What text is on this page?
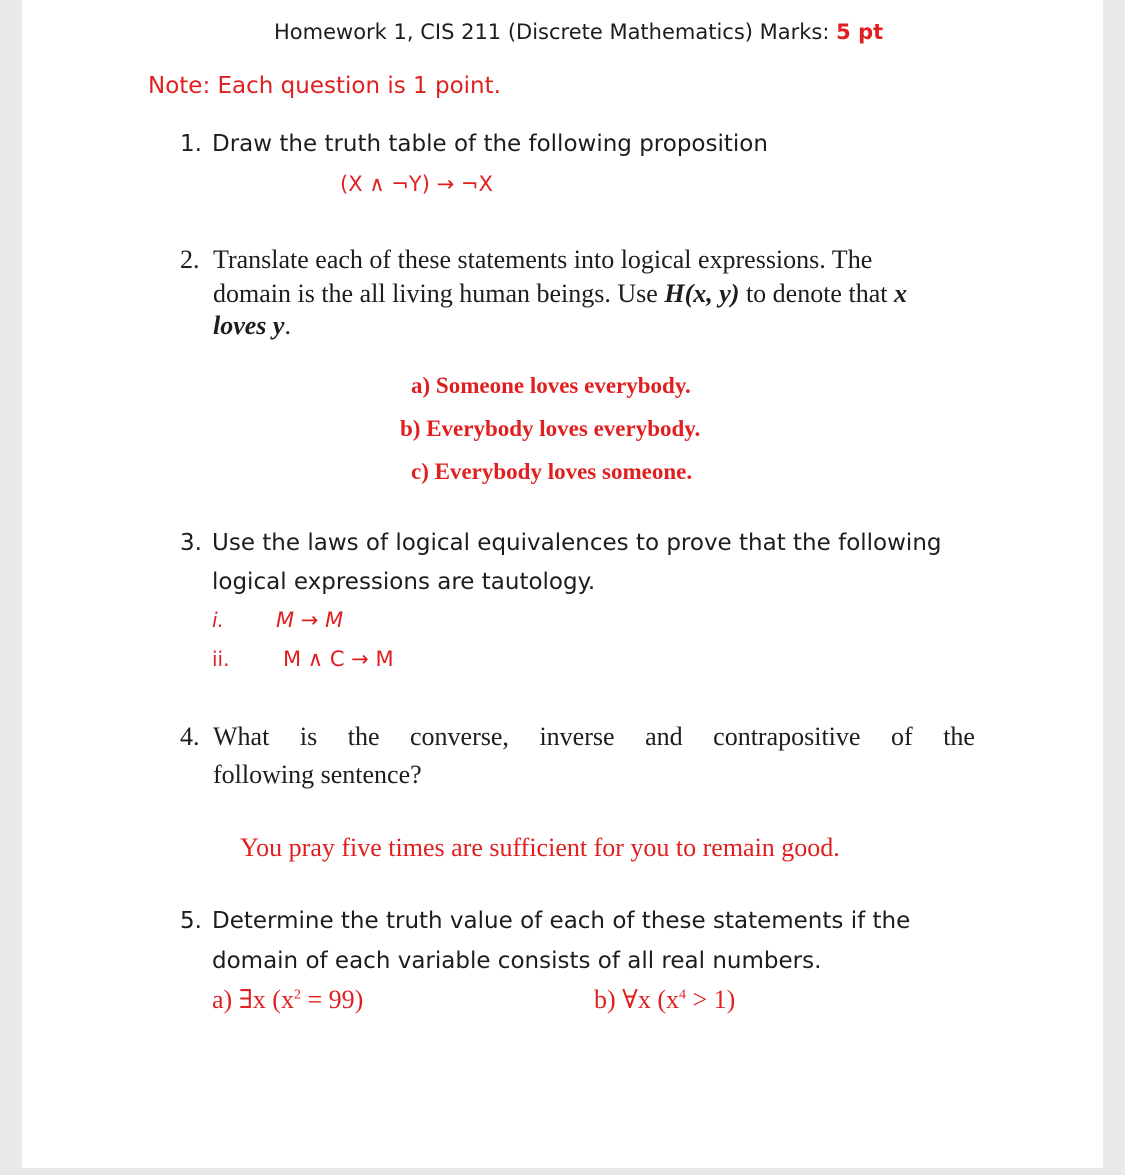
Homework 1, CIS 211 (Discrete Mathematics) Marks: 5 pt
Note: Each question is 1 point.
1. Draw the truth table of the following proposition
(X ∧ ¬Y) → ¬X
2. Translate each of these statements into logical expressions. The
domain is the all living human beings. Use H(x, y) to denote that x
loves y.
a) Someone loves everybody.
b) Everybody loves everybody.
c) Everybody loves someone.
3. Use the laws of logical equivalences to prove that the following
logical expressions are tautology.
i. M → M
ii.	M ∧ C → M
4. What is the converse, inverse and contrapositive of the
following sentence?
You pray five times are sufficient for you to remain good.
5. Determine the truth value of each of these statements if the
domain of each variable consists of all real numbers.
a) ∃x $(x^2 = 99)$	b) ∀x $(x^4 > 1)$
